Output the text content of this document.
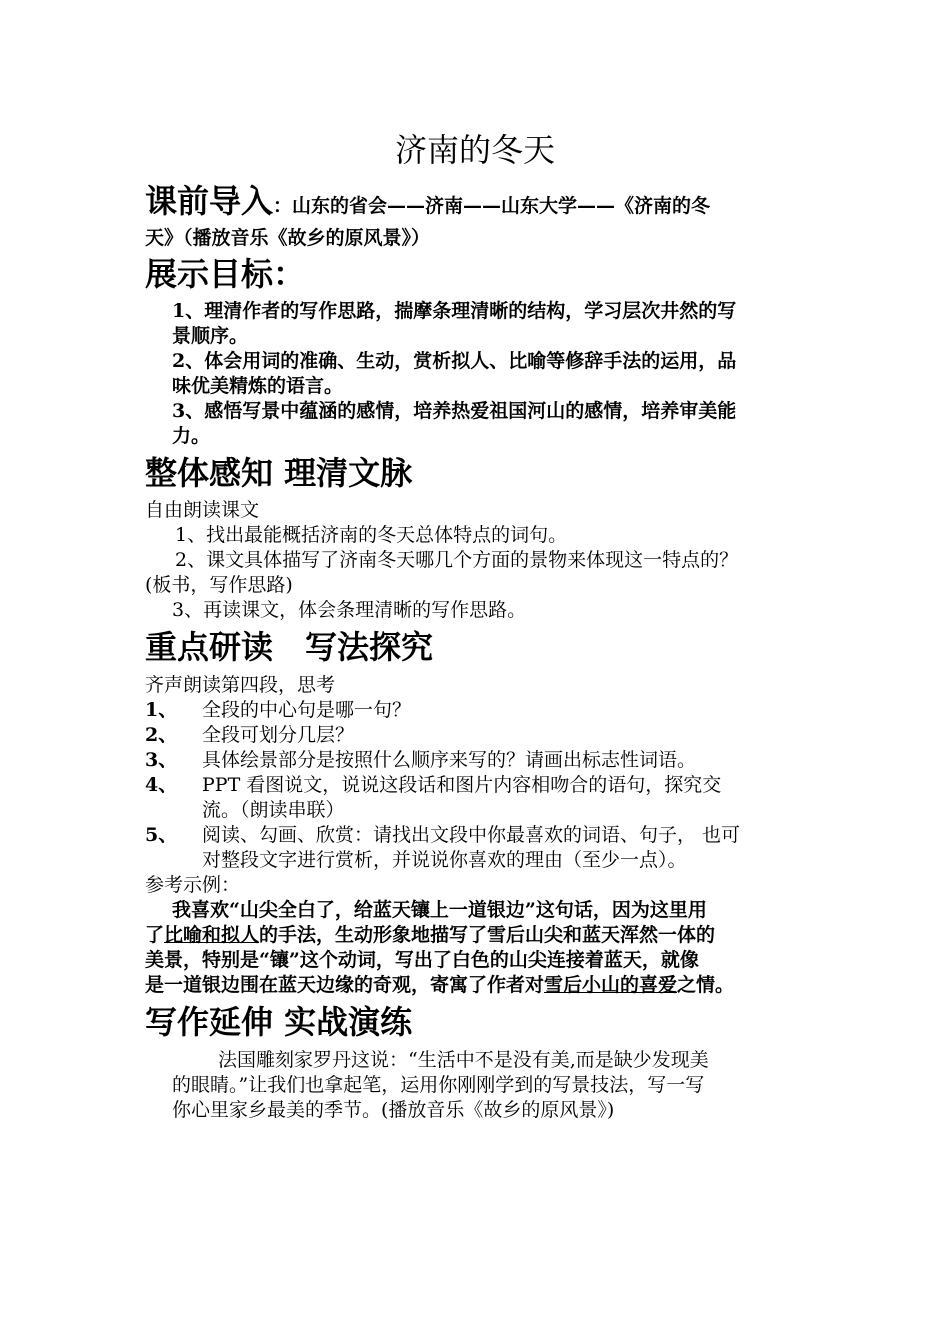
济南的冬天
课前导入：山东的省会——济南——山东大学——《济南的冬
天》（播放音乐《故乡的原风景》）
展示目标：
1、理清作者的写作思路，揣摩条理清晰的结构，学习层次井然的写
景顺序。
2、体会用词的准确、生动，赏析拟人、比喻等修辞手法的运用，品
味优美精炼的语言。
3、感悟写景中蕴涵的感情，培养热爱祖国河山的感情，培养审美能
力。
整体感知 理清文脉
自由朗读课文
1、找出最能概括济南的冬天总体特点的词句。
2、课文具体描写了济南冬天哪几个方面的景物来体现这一特点的？
(板书，写作思路)
3、再读课文，体会条理清晰的写作思路。
重点研读　写法探究
齐声朗读第四段，思考
1、	全段的中心句是哪一句？
2、	全段可划分几层？
3、	具体绘景部分是按照什么顺序来写的？请画出标志性词语。
4、	PPT 看图说文，说说这段话和图片内容相吻合的语句，探究交
流。（朗读串联）
5、	阅读、勾画、欣赏：请找出文段中你最喜欢的词语、句子， 也可
对整段文字进行赏析，并说说你喜欢的理由（至少一点）。
参考示例：
我喜欢“山尖全白了，给蓝天镶上一道银边”这句话，因为这里用
了比喻和拟人的手法，生动形象地描写了雪后山尖和蓝天浑然一体的
美景，特别是“镶”这个动词，写出了白色的山尖连接着蓝天，就像
是一道银边围在蓝天边缘的奇观，寄寓了作者对雪后小山的喜爱之情。
写作延伸 实战演练
法国雕刻家罗丹这说：“生活中不是没有美,而是缺少发现美
的眼睛。”让我们也拿起笔，运用你刚刚学到的写景技法，写一写
你心里家乡最美的季节。(播放音乐《故乡的原风景》)
